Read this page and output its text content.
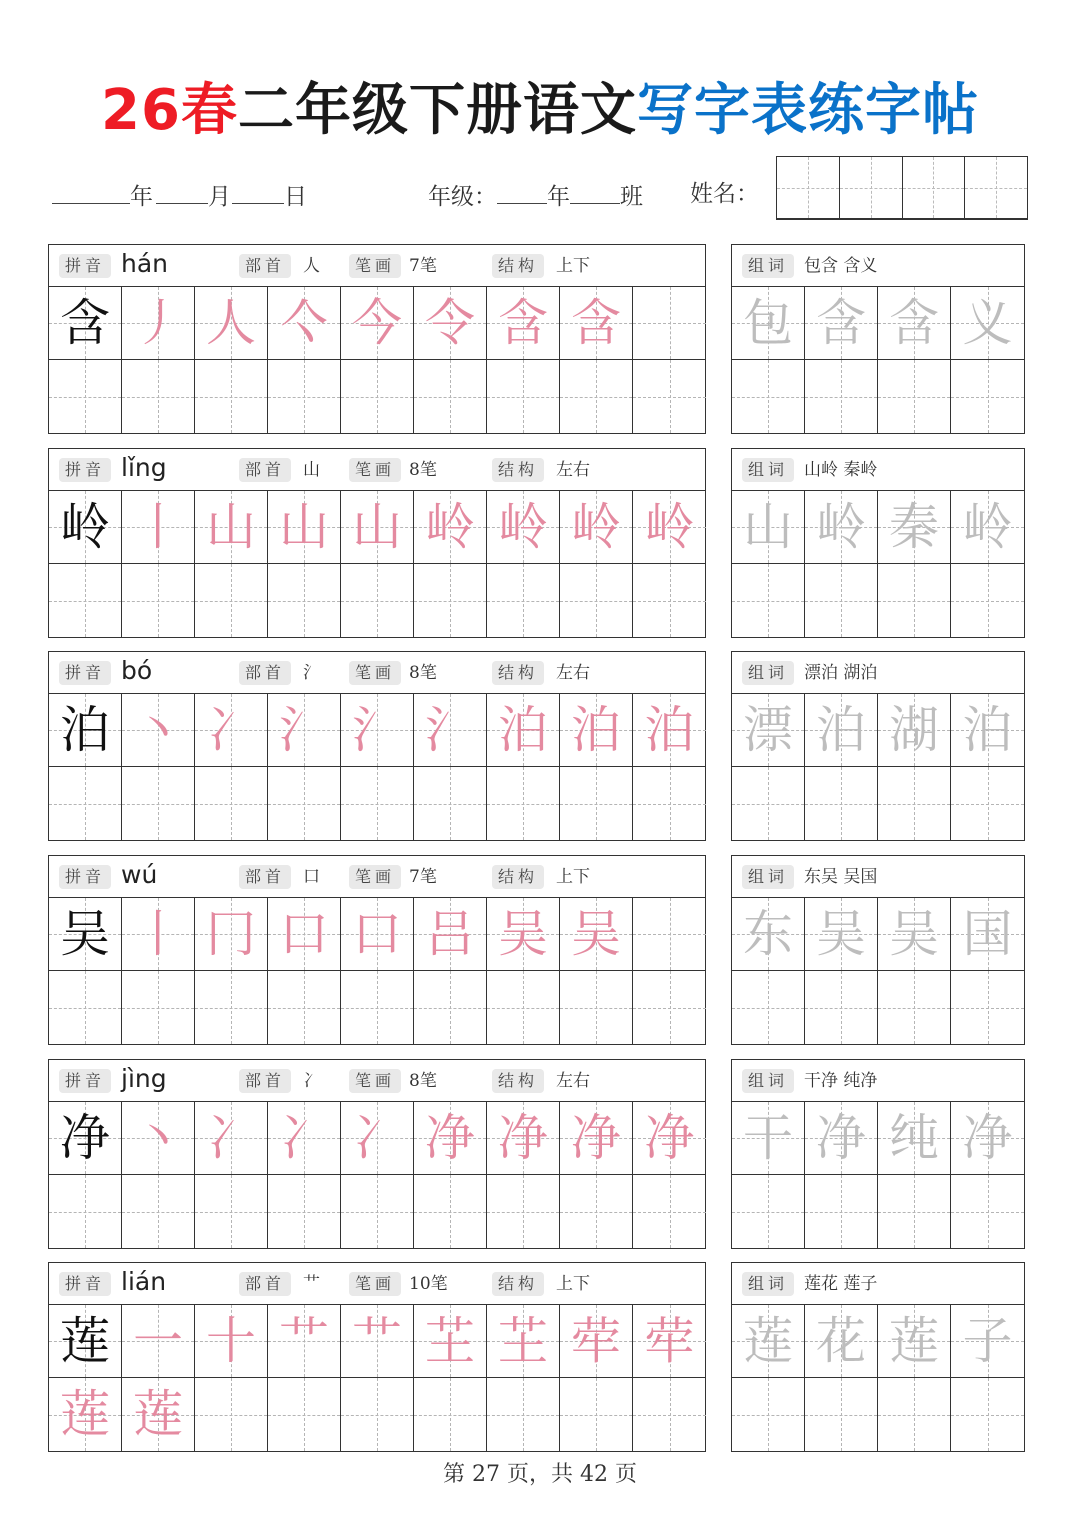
26春二年级下册语文写字表练字帖
年	月	日	年级： 年 班 姓名：
拼音 hán	部首	人	笔画 7笔	结构	上下
含 丿 人 亽 今 令 含 含
组词 包含 含义
包 含 含 义
拼音 lǐng	部首	山	笔画 8笔	结构	左右
岭 丨 山 山 山 岭 岭 岭 岭
组词 山岭 秦岭
山 岭 秦 岭
拼音 bó	部首	氵	笔画 8笔	结构	左右
泊 丶 冫 氵 氵 氵 泊 泊 泊
组词 漂泊 湖泊
漂 泊 湖 泊
拼音 wú	部首	口	笔画 7笔	结构	上下
吴 丨 冂 口 口 吕 吴 吴
组词 东吴 吴国
东 吴 吴 国
拼音 jìng	部首	冫	笔画 8笔	结构	左右
净 丶 冫 冫 冫 净 净 净 净
组词 干净 纯净
干 净 纯 净
拼音 lián	部首	艹	笔画 10笔	结构	上下
莲 一 十 艹 艹 芏 芏 荦 荦
莲 莲
组词 莲花 莲子
莲 花 莲 子
第 27 页，共 42 页
